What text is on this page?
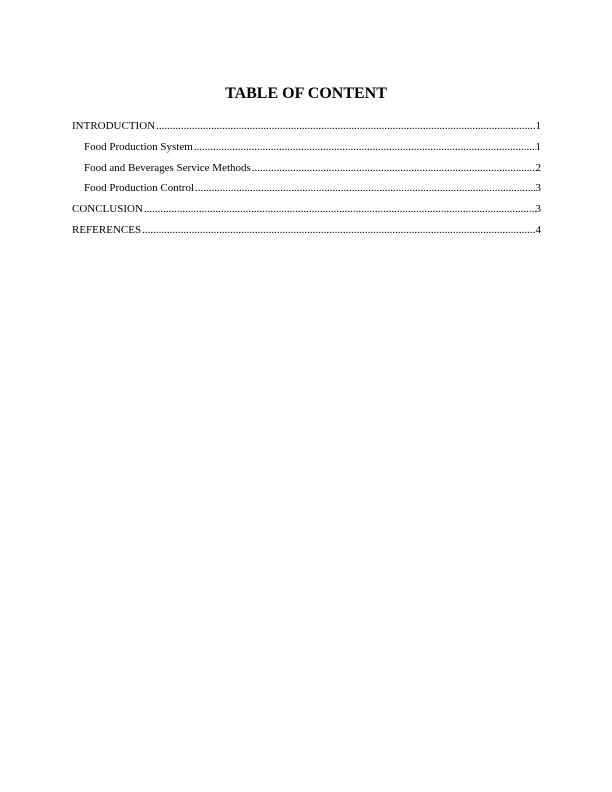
TABLE OF CONTENT
INTRODUCTION .....	1
Food Production System .....	1
Food and Beverages Service Methods .....	2
Food Production Control .....	3
CONCLUSION .....	3
REFERENCES .....	4
